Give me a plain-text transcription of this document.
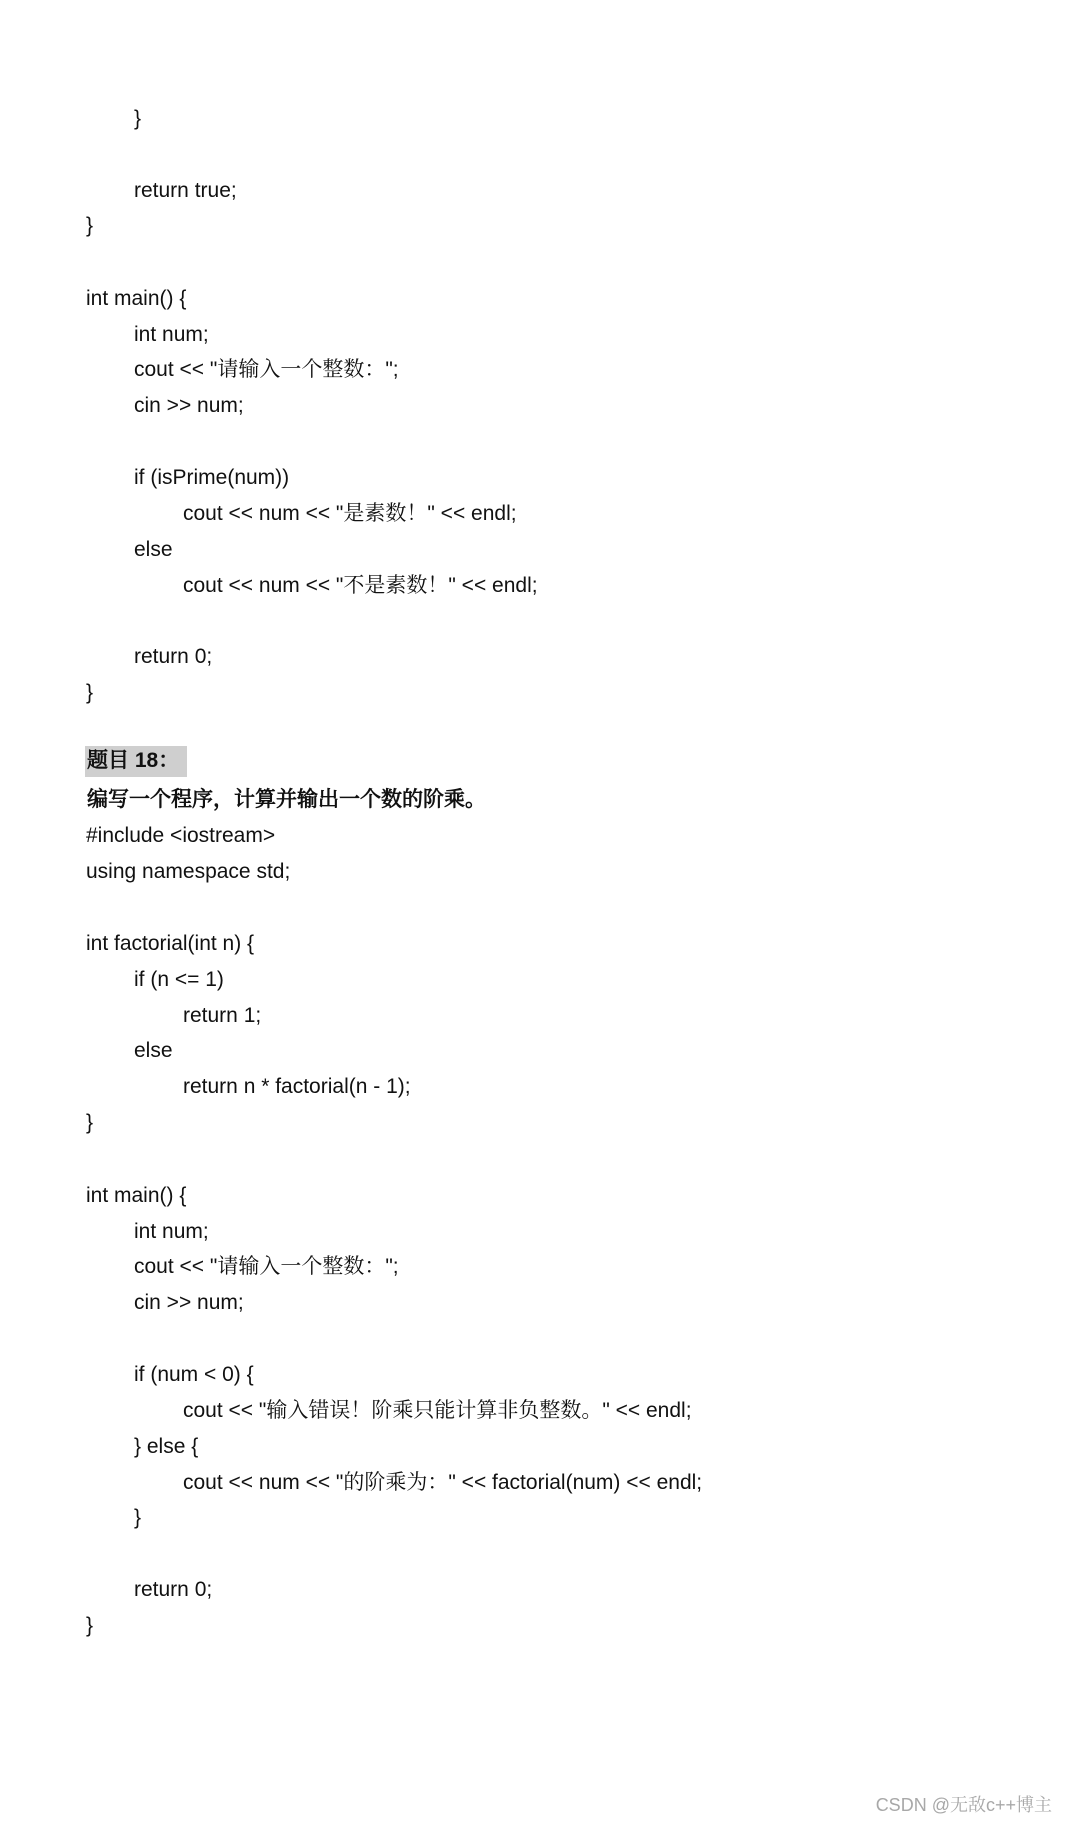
}
return true;
}
int main() {
int num;
cout << "请输入一个整数：";
cin >> num;
if (isPrime(num))
cout << num << "是素数！" << endl;
else
cout << num << "不是素数！" << endl;
return 0;
}
题目 18：
编写一个程序，计算并输出一个数的阶乘。
#include <iostream>
using namespace std;
int factorial(int n) {
if (n <= 1)
return 1;
else
return n * factorial(n - 1);
}
int main() {
int num;
cout << "请输入一个整数：";
cin >> num;
if (num < 0) {
cout << "输入错误！阶乘只能计算非负整数。" << endl;
} else {
cout << num << "的阶乘为：" << factorial(num) << endl;
}
return 0;
}
CSDN @无敌c++博主
